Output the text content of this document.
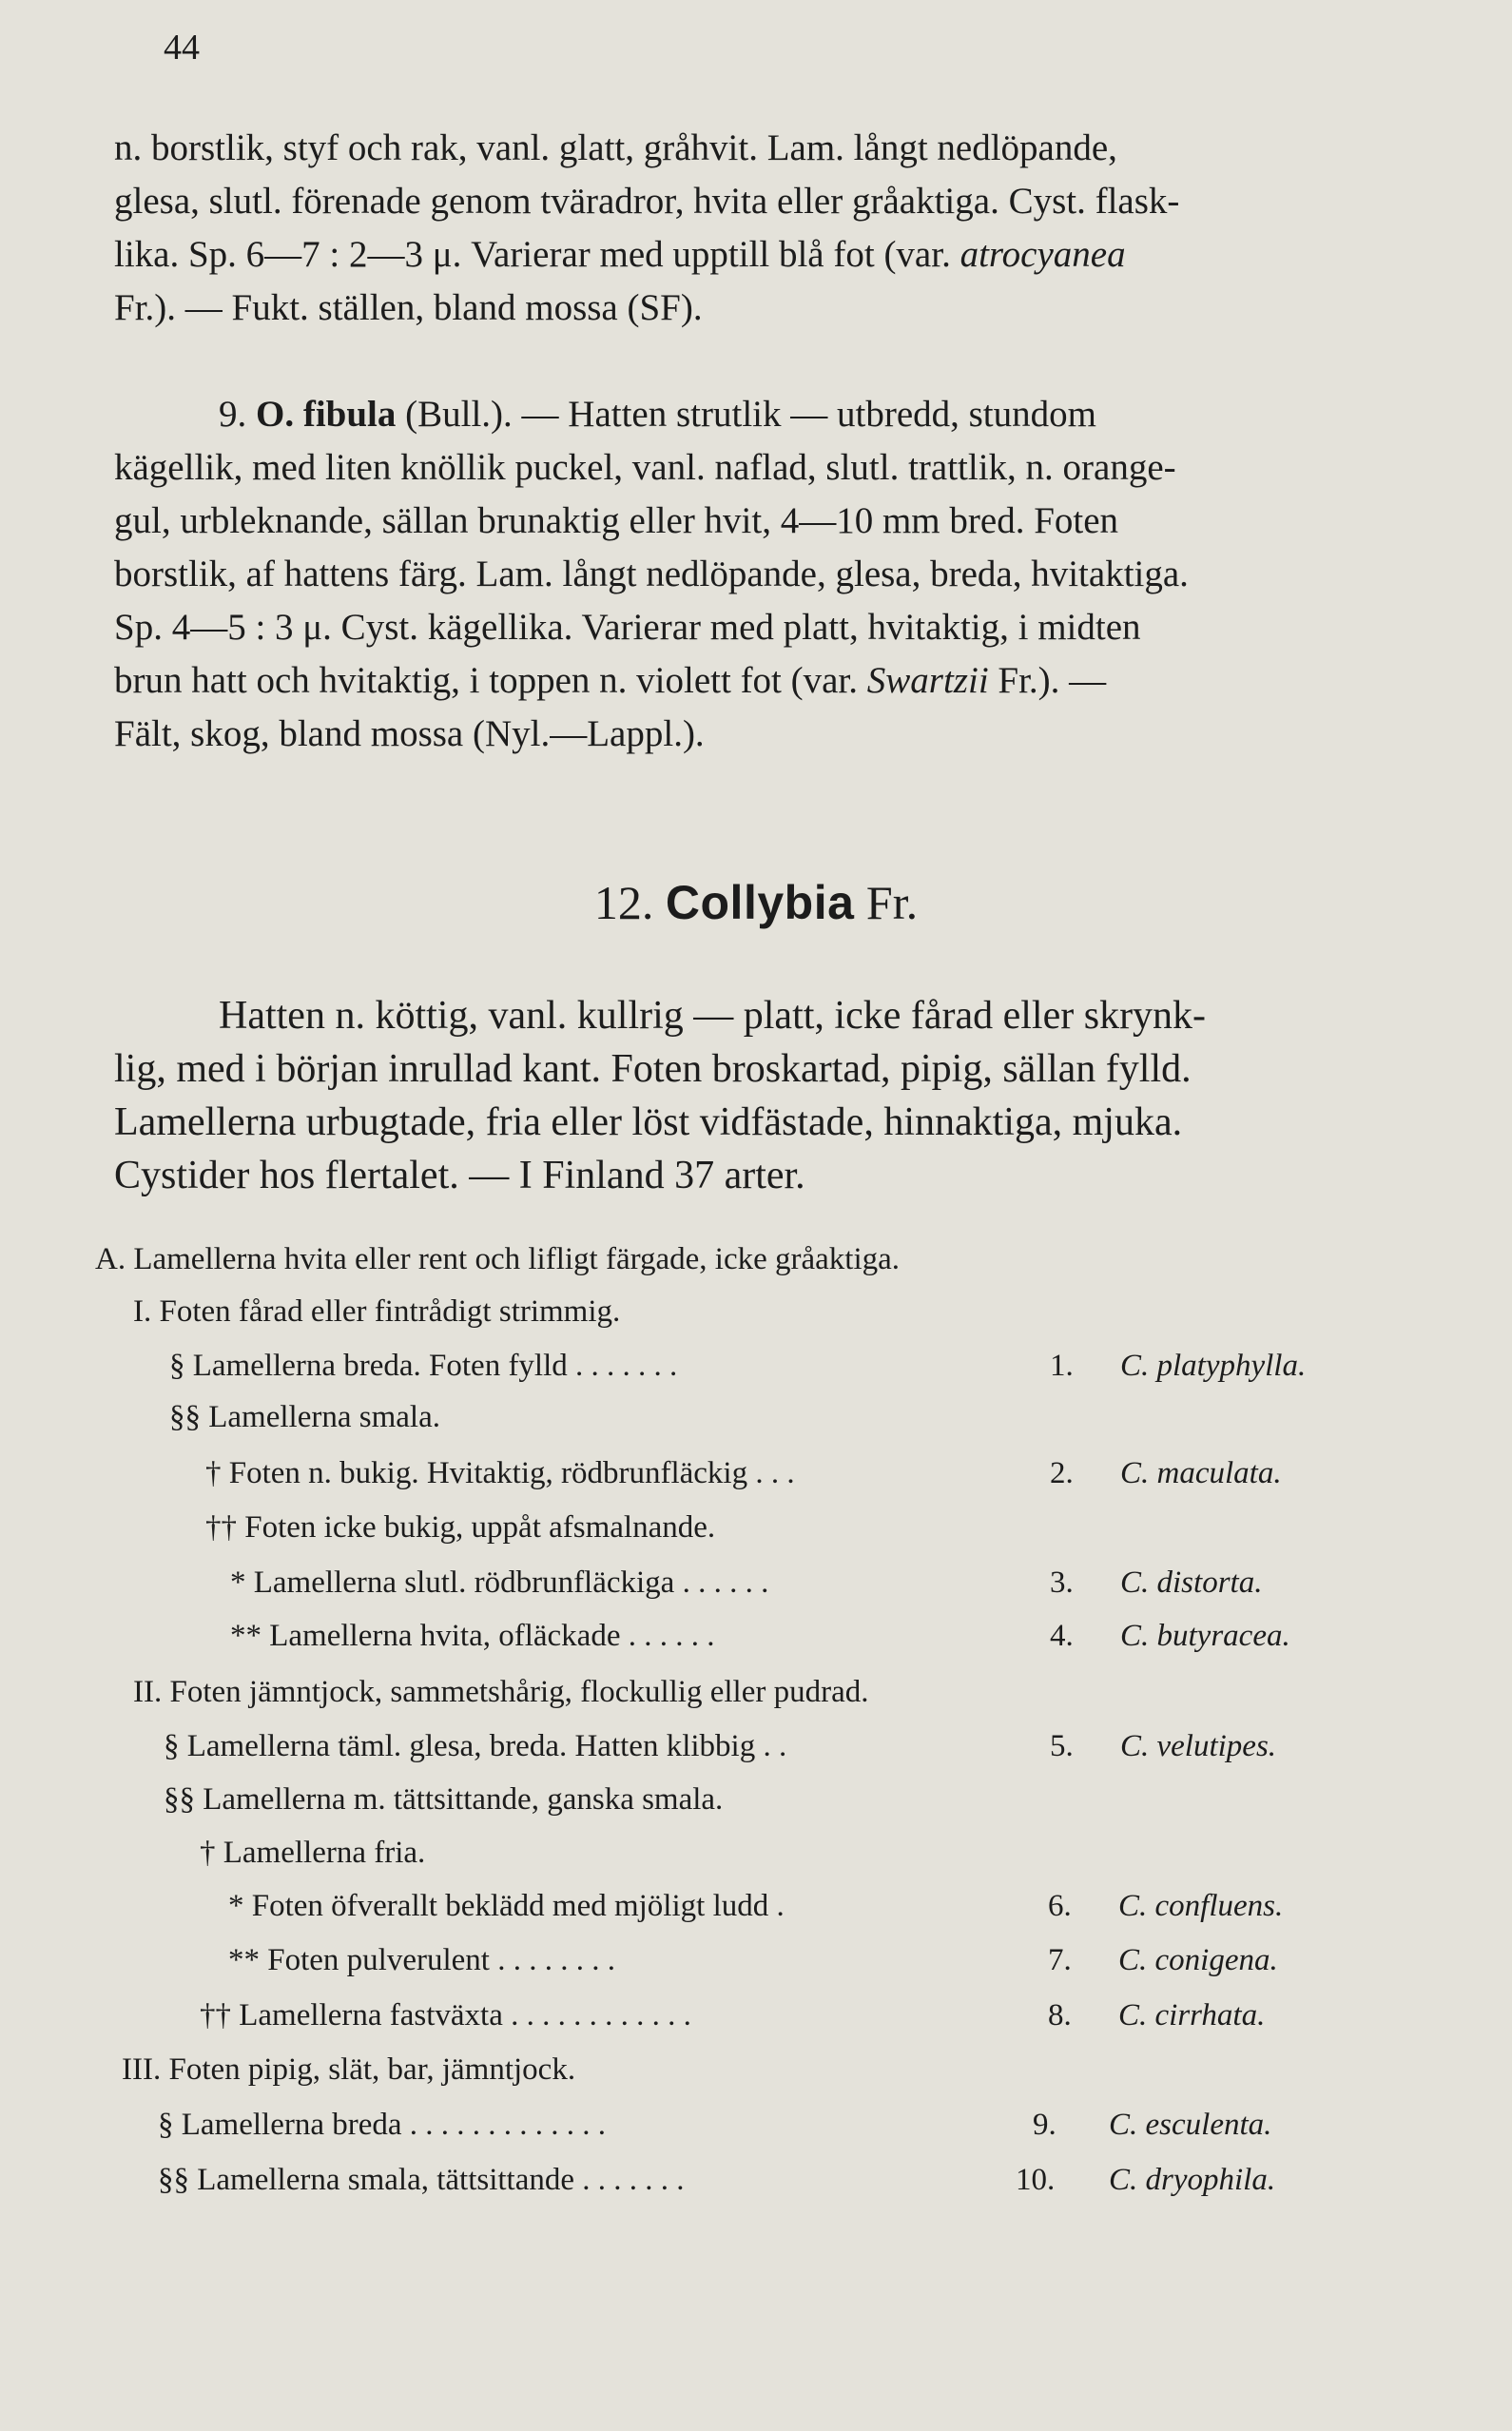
44
n. borstlik, styf och rak, vanl. glatt, gråhvit. Lam. långt nedlöpande,
glesa, slutl. förenade genom tväradror, hvita eller gråaktiga. Cyst. flask-
lika. Sp. 6—7 : 2—3 μ. Varierar med upptill blå fot (var. atrocyanea
Fr.). — Fukt. ställen, bland mossa (SF).
9. O. fibula (Bull.). — Hatten strutlik — utbredd, stundom
kägellik, med liten knöllik puckel, vanl. naflad, slutl. trattlik, n. orange-
gul, urbleknande, sällan brunaktig eller hvit, 4—10 mm bred. Foten
borstlik, af hattens färg. Lam. långt nedlöpande, glesa, breda, hvitaktiga.
Sp. 4—5 : 3 μ. Cyst. kägellika. Varierar med platt, hvitaktig, i midten
brun hatt och hvitaktig, i toppen n. violett fot (var. Swartzii Fr.). —
Fält, skog, bland mossa (Nyl.—Lappl.).
12. Collybia Fr.
Hatten n. köttig, vanl. kullrig — platt, icke fårad eller skrynk-
lig, med i början inrullad kant. Foten broskartad, pipig, sällan fylld.
Lamellerna urbugtade, fria eller löst vidfästade, hinnaktiga, mjuka.
Cystider hos flertalet. — I Finland 37 arter.
A. Lamellerna hvita eller rent och lifligt färgade, icke gråaktiga.
I. Foten fårad eller fintrådigt strimmig.
§ Lamellerna breda. Foten fylld . . . . . . .	1. C. platyphylla.
§§ Lamellerna smala.
† Foten n. bukig. Hvitaktig, rödbrunfläckig . . .	2. C. maculata.
†† Foten icke bukig, uppåt afsmalnande.
* Lamellerna slutl. rödbrunfläckiga . . . . . .	3. C. distorta.
** Lamellerna hvita, ofläckade . . . . . .	4. C. butyracea.
II. Foten jämntjock, sammetshårig, flockullig eller pudrad.
§ Lamellerna täml. glesa, breda. Hatten klibbig . .	5. C. velutipes.
§§ Lamellerna m. tättsittande, ganska smala.
† Lamellerna fria.
* Foten öfverallt beklädd med mjöligt ludd .	6. C. confluens.
** Foten pulverulent . . . . . . . .	7. C. conigena.
†† Lamellerna fastväxta . . . . . . . . . . . .	8. C. cirrhata.
III. Foten pipig, slät, bar, jämntjock.
§ Lamellerna breda . . . . . . . . . . . . .	9. C. esculenta.
§§ Lamellerna smala, tättsittande . . . . . . .	10. C. dryophila.
